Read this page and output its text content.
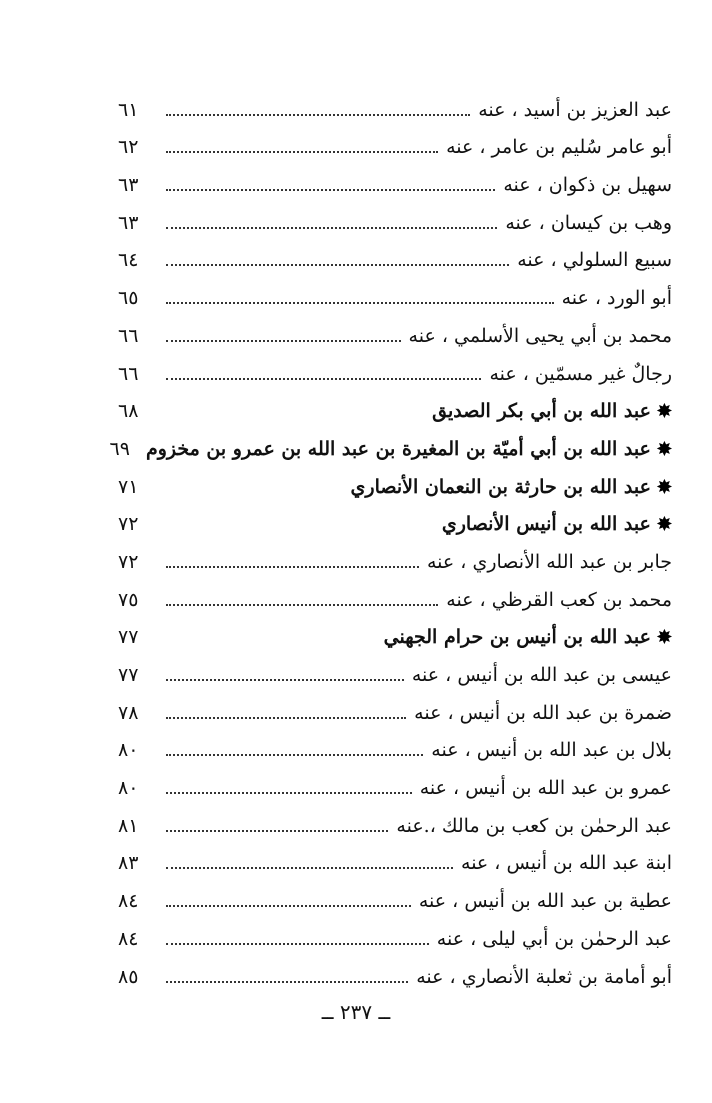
عبد العزيز بن أسيد ، عنه
٦١
أبو عامر سُليم بن عامر ، عنه
٦٢
سهيل بن ذكوان ، عنه
٦٣
وهب بن كيسان ، عنه
٦٣
سبيع السلولي ، عنه
٦٤
أبو الورد ، عنه
٦٥
محمد بن أبي يحيى الأسلمي ، عنه
٦٦
رجالٌ غير مسمّين ، عنه
٦٦
✸عبد الله بن أبي بكر الصديق
٦٨
✸عبد الله بن أبي أميّة بن المغيرة بن عبد الله بن عمرو بن مخزوم
٦٩
✸عبد الله بن حارثة بن النعمان الأنصاري
٧١
✸عبد الله بن أنيس الأنصاري
٧٢
جابر بن عبد الله الأنصاري ، عنه
٧٢
محمد بن كعب القرظي ، عنه
٧٥
✸عبد الله بن أنيس بن حرام الجهني
٧٧
عيسى بن عبد الله بن أنيس ، عنه
٧٧
ضمرة بن عبد الله بن أنيس ، عنه
٧٨
بلال بن عبد الله بن أنيس ، عنه
٨٠
عمرو بن عبد الله بن أنيس ، عنه
٨٠
عبد الرحمٰن بن كعب بن مالك ،.عنه
٨١
ابنة عبد الله بن أنيس ، عنه
٨٣
عطية بن عبد الله بن أنيس ، عنه
٨٤
عبد الرحمٰن بن أبي ليلى ، عنه
٨٤
أبو أمامة بن ثعلبة الأنصاري ، عنه
٨٥
ــ ٢٣٧ ــ
